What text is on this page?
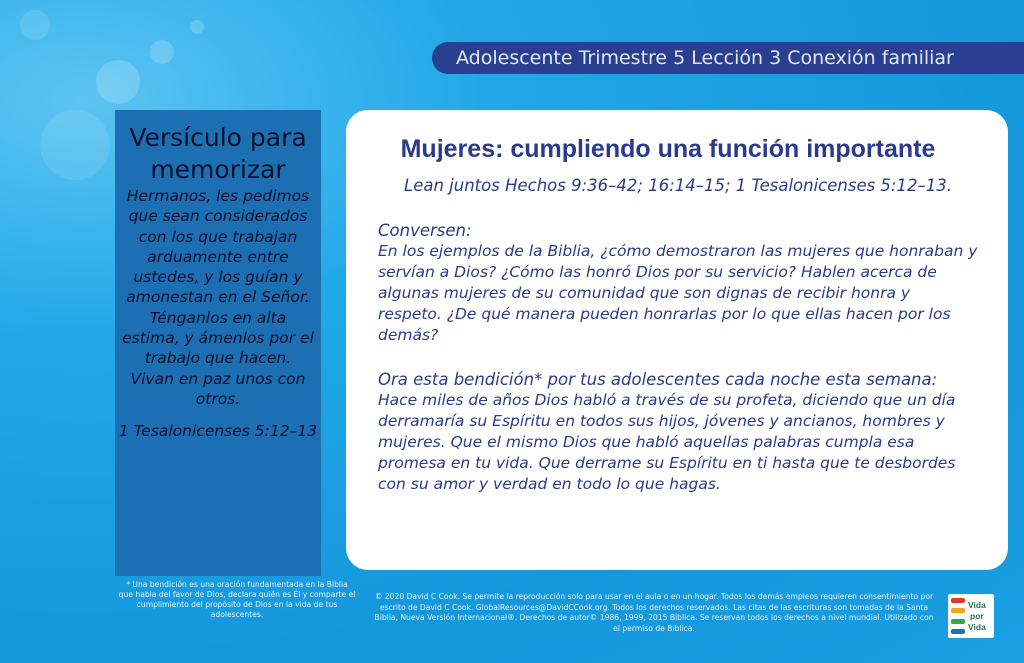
Adolescente Trimestre 5 Lección 3 Conexión familiar

Versículo para memorizar

Hermanos, les pedimos que sean considerados con los que trabajan arduamente entre ustedes, y los guían y amonestan en el Señor. Ténganlos en alta estima, y ámenlos por el trabajo que hacen. Vivan en paz unos con otros.

1 Tesalonicenses 5:12–13
* Una bendición es una oración fundamentada en la Biblia que habla del favor de Dios, declara quién es Él y comparte el cumplimiento del propósito de Dios en la vida de tus adolescentes.
Mujeres: cumpliendo una función importante
Lean juntos Hechos 9:36–42; 16:14–15; 1 Tesalonicenses 5:12–13.
Conversen:
En los ejemplos de la Biblia, ¿cómo demostraron las mujeres que honraban y servían a Dios? ¿Cómo las honró Dios por su servicio? Hablen acerca de algunas mujeres de su comunidad que son dignas de recibir honra y respeto. ¿De qué manera pueden honrarlas por lo que ellas hacen por los demás?
Ora esta bendición* por tus adolescentes cada noche esta semana:
Hace miles de años Dios habló a través de su profeta, diciendo que un día derramaría su Espíritu en todos sus hijos, jóvenes y ancianos, hombres y mujeres. Que el mismo Dios que habló aquellas palabras cumpla esa promesa en tu vida. Que derrame su Espíritu en ti hasta que te desbordes con su amor y verdad en todo lo que hagas.
© 2020 David C Cook. Se permite la reproducción solo para usar en el aula o en un hogar. Todos los demás empleos requieren consentimiento por escrito de David C Cook. GlobalResources@DavidCCook.org. Todos los derechos reservados. Las citas de las escrituras son tomadas de la Santa Biblia, Nueva Versión Internacional®. Derechos de autor© 1986, 1999, 2015 Biblica. Se reservan todos los derechos a nivel mundial. Utilizado con el permiso de Biblica.
Vida
por
Vida
